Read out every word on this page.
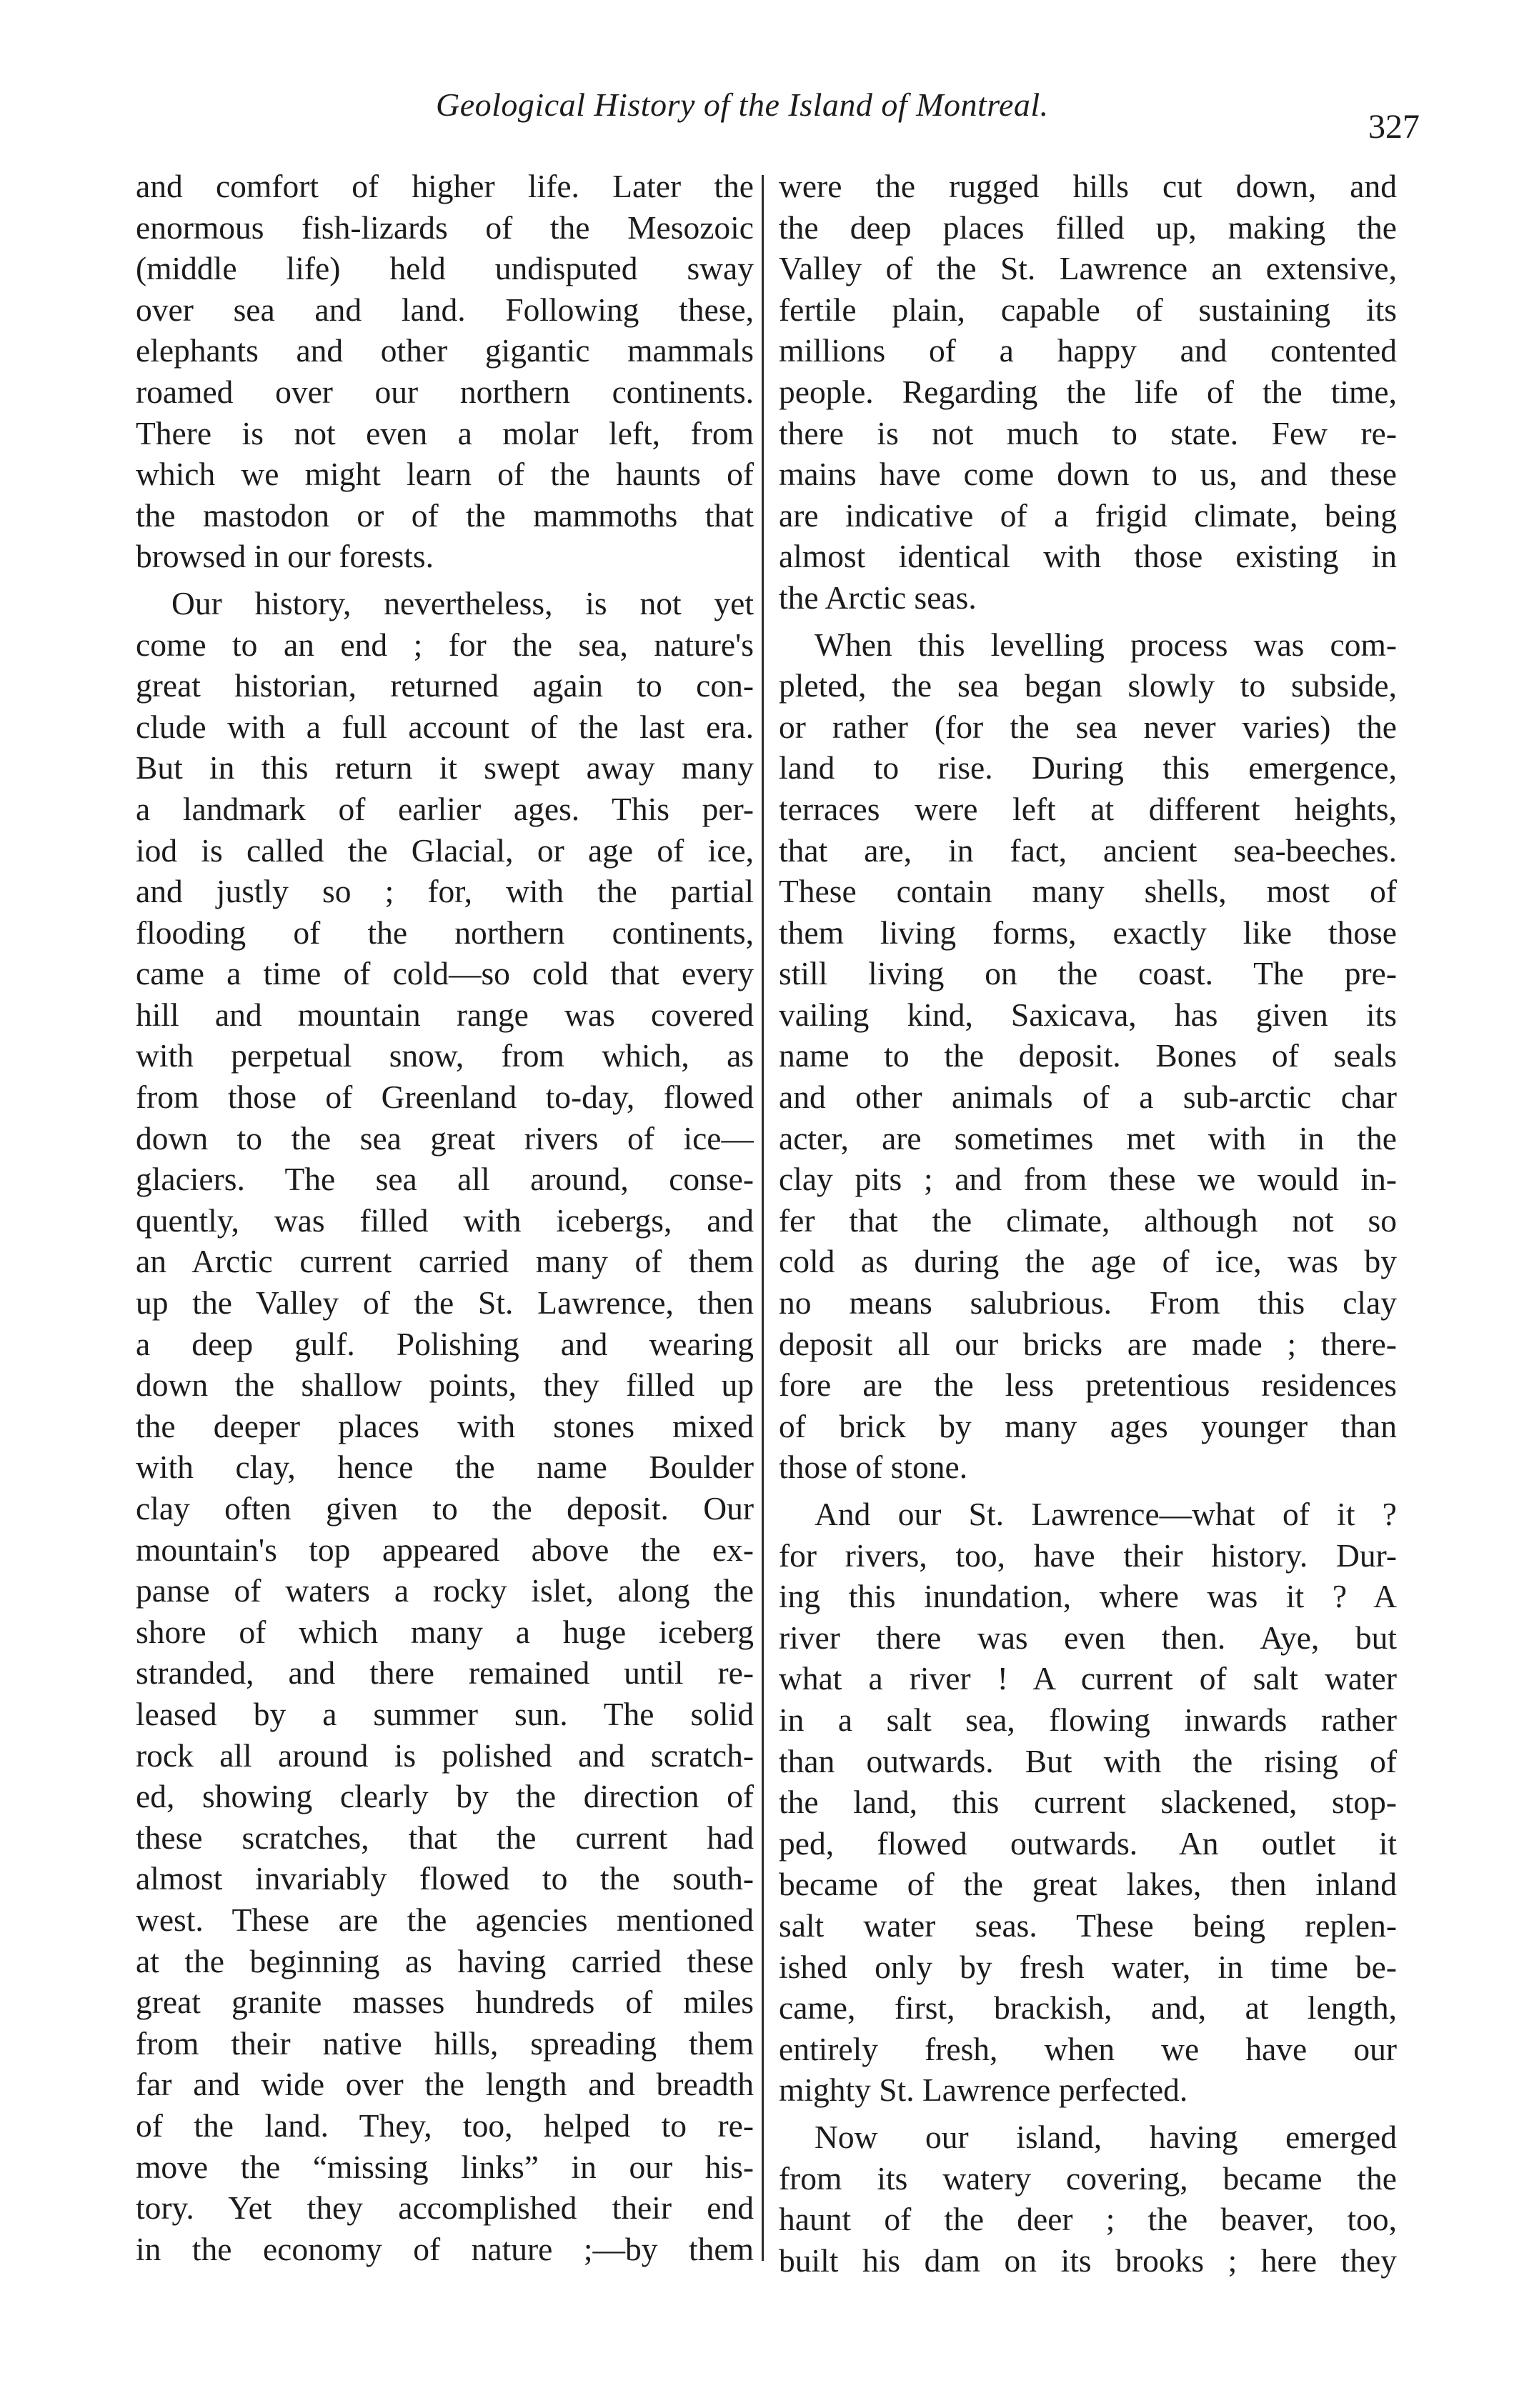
Geological History of the Island of Montreal.
327
and comfort of higher life. Later the
enormous fish-lizards of the Mesozoic
(middle life) held undisputed sway
over sea and land. Following these,
elephants and other gigantic mammals
roamed over our northern continents.
There is not even a molar left, from
which we might learn of the haunts of
the mastodon or of the mammoths that
browsed in our forests.
Our history, nevertheless, is not yet
come to an end ; for the sea, nature's
great historian, returned again to con-
clude with a full account of the last era.
But in this return it swept away many
a landmark of earlier ages. This per-
iod is called the Glacial, or age of ice,
and justly so ; for, with the partial
flooding of the northern continents,
came a time of cold—so cold that every
hill and mountain range was covered
with perpetual snow, from which, as
from those of Greenland to-day, flowed
down to the sea great rivers of ice—
glaciers. The sea all around, conse-
quently, was filled with icebergs, and
an Arctic current carried many of them
up the Valley of the St. Lawrence, then
a deep gulf. Polishing and wearing
down the shallow points, they filled up
the deeper places with stones mixed
with clay, hence the name Boulder
clay often given to the deposit. Our
mountain's top appeared above the ex-
panse of waters a rocky islet, along the
shore of which many a huge iceberg
stranded, and there remained until re-
leased by a summer sun. The solid
rock all around is polished and scratch-
ed, showing clearly by the direction of
these scratches, that the current had
almost invariably flowed to the south-
west. These are the agencies mentioned
at the beginning as having carried these
great granite masses hundreds of miles
from their native hills, spreading them
far and wide over the length and breadth
of the land. They, too, helped to re-
move the “missing links” in our his-
tory. Yet they accomplished their end
in the economy of nature ;—by them
were the rugged hills cut down, and
the deep places filled up, making the
Valley of the St. Lawrence an extensive,
fertile plain, capable of sustaining its
millions of a happy and contented
people. Regarding the life of the time,
there is not much to state. Few re-
mains have come down to us, and these
are indicative of a frigid climate, being
almost identical with those existing in
the Arctic seas.
When this levelling process was com-
pleted, the sea began slowly to subside,
or rather (for the sea never varies) the
land to rise. During this emergence,
terraces were left at different heights,
that are, in fact, ancient sea-beeches.
These contain many shells, most of
them living forms, exactly like those
still living on the coast. The pre-
vailing kind, Saxicava, has given its
name to the deposit. Bones of seals
and other animals of a sub-arctic char
acter, are sometimes met with in the
clay pits ; and from these we would in-
fer that the climate, although not so
cold as during the age of ice, was by
no means salubrious. From this clay
deposit all our bricks are made ; there-
fore are the less pretentious residences
of brick by many ages younger than
those of stone.
And our St. Lawrence—what of it ?
for rivers, too, have their history. Dur-
ing this inundation, where was it ? A
river there was even then. Aye, but
what a river ! A current of salt water
in a salt sea, flowing inwards rather
than outwards. But with the rising of
the land, this current slackened, stop-
ped, flowed outwards. An outlet it
became of the great lakes, then inland
salt water seas. These being replen-
ished only by fresh water, in time be-
came, first, brackish, and, at length,
entirely fresh, when we have our
mighty St. Lawrence perfected.
Now our island, having emerged
from its watery covering, became the
haunt of the deer ; the beaver, too,
built his dam on its brooks ; here they
